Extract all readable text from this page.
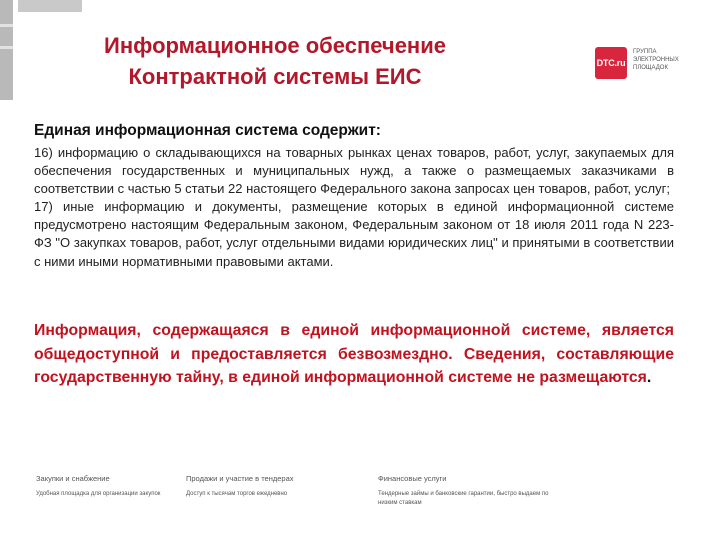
Информационное обеспечение
Контрактной системы ЕИС
DTC.ru
ГРУППА
ЭЛЕКТРОННЫХ
ПЛОЩАДОК
Единая информационная система содержит:

16) информацию о складывающихся на товарных рынках ценах товаров, работ, услуг, закупаемых для обеспечения государственных и муниципальных нужд, а также о размещаемых заказчиками в соответствии с частью 5 статьи 22 настоящего Федерального закона запросах цен товаров, работ, услуг;

17) иные информацию и документы, размещение которых в единой информационной системе предусмотрено настоящим Федеральным законом, Федеральным законом от 18 июля 2011 года N 223-ФЗ "О закупках товаров, работ, услуг отдельными видами юридических лиц" и принятыми в соответствии с ними иными нормативными правовыми актами.

Информация, содержащаяся в единой информационной системе, является общедоступной и предоставляется безвозмездно. Сведения, составляющие государственную тайну, в единой информационной системе не размещаются.
Закупки и снабжение
Удобная площадка для организации закупок
Продажи и участие в тендерах
Доступ к тысячам торгов ежедневно
Финансовые услуги
Тендерные займы и банковские гарантии, быстро выдаем по низким ставкам
